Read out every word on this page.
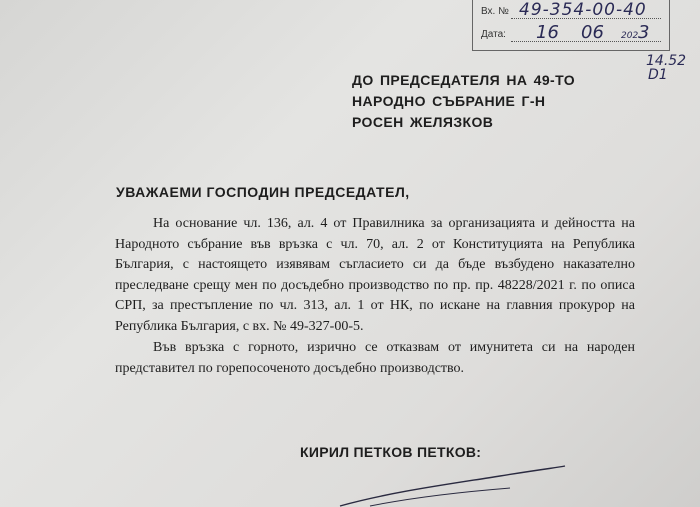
Вх. № 49-354-00-40
Дата: 16 06 202 3
14.52
D1
ДО ПРЕДСЕДАТЕЛЯ НА 49-ТО
НАРОДНО СЪБРАНИЕ Г-Н
РОСЕН ЖЕЛЯЗКОВ
УВАЖАЕМИ ГОСПОДИН ПРЕДСЕДАТЕЛ,

На основание чл. 136, ал. 4 от Правилника за организацията и дейността на Народното събрание във връзка с чл. 70, ал. 2 от Конституцията на Република България, с настоящето изявявам съгласието си да бъде възбудено наказателно преследване срещу мен по досъдебно производство по пр. пр. 48228/2021 г. по описа СРП, за престъпление по чл. 313, ал. 1 от НК, по искане на главния прокурор на Република България, с вх. № 49-327-00-5.

Във връзка с горното, изрично се отказвам от имунитета си на народен представител по горепосоченото досъдебно производство.

КИРИЛ ПЕТКОВ ПЕТКОВ:
